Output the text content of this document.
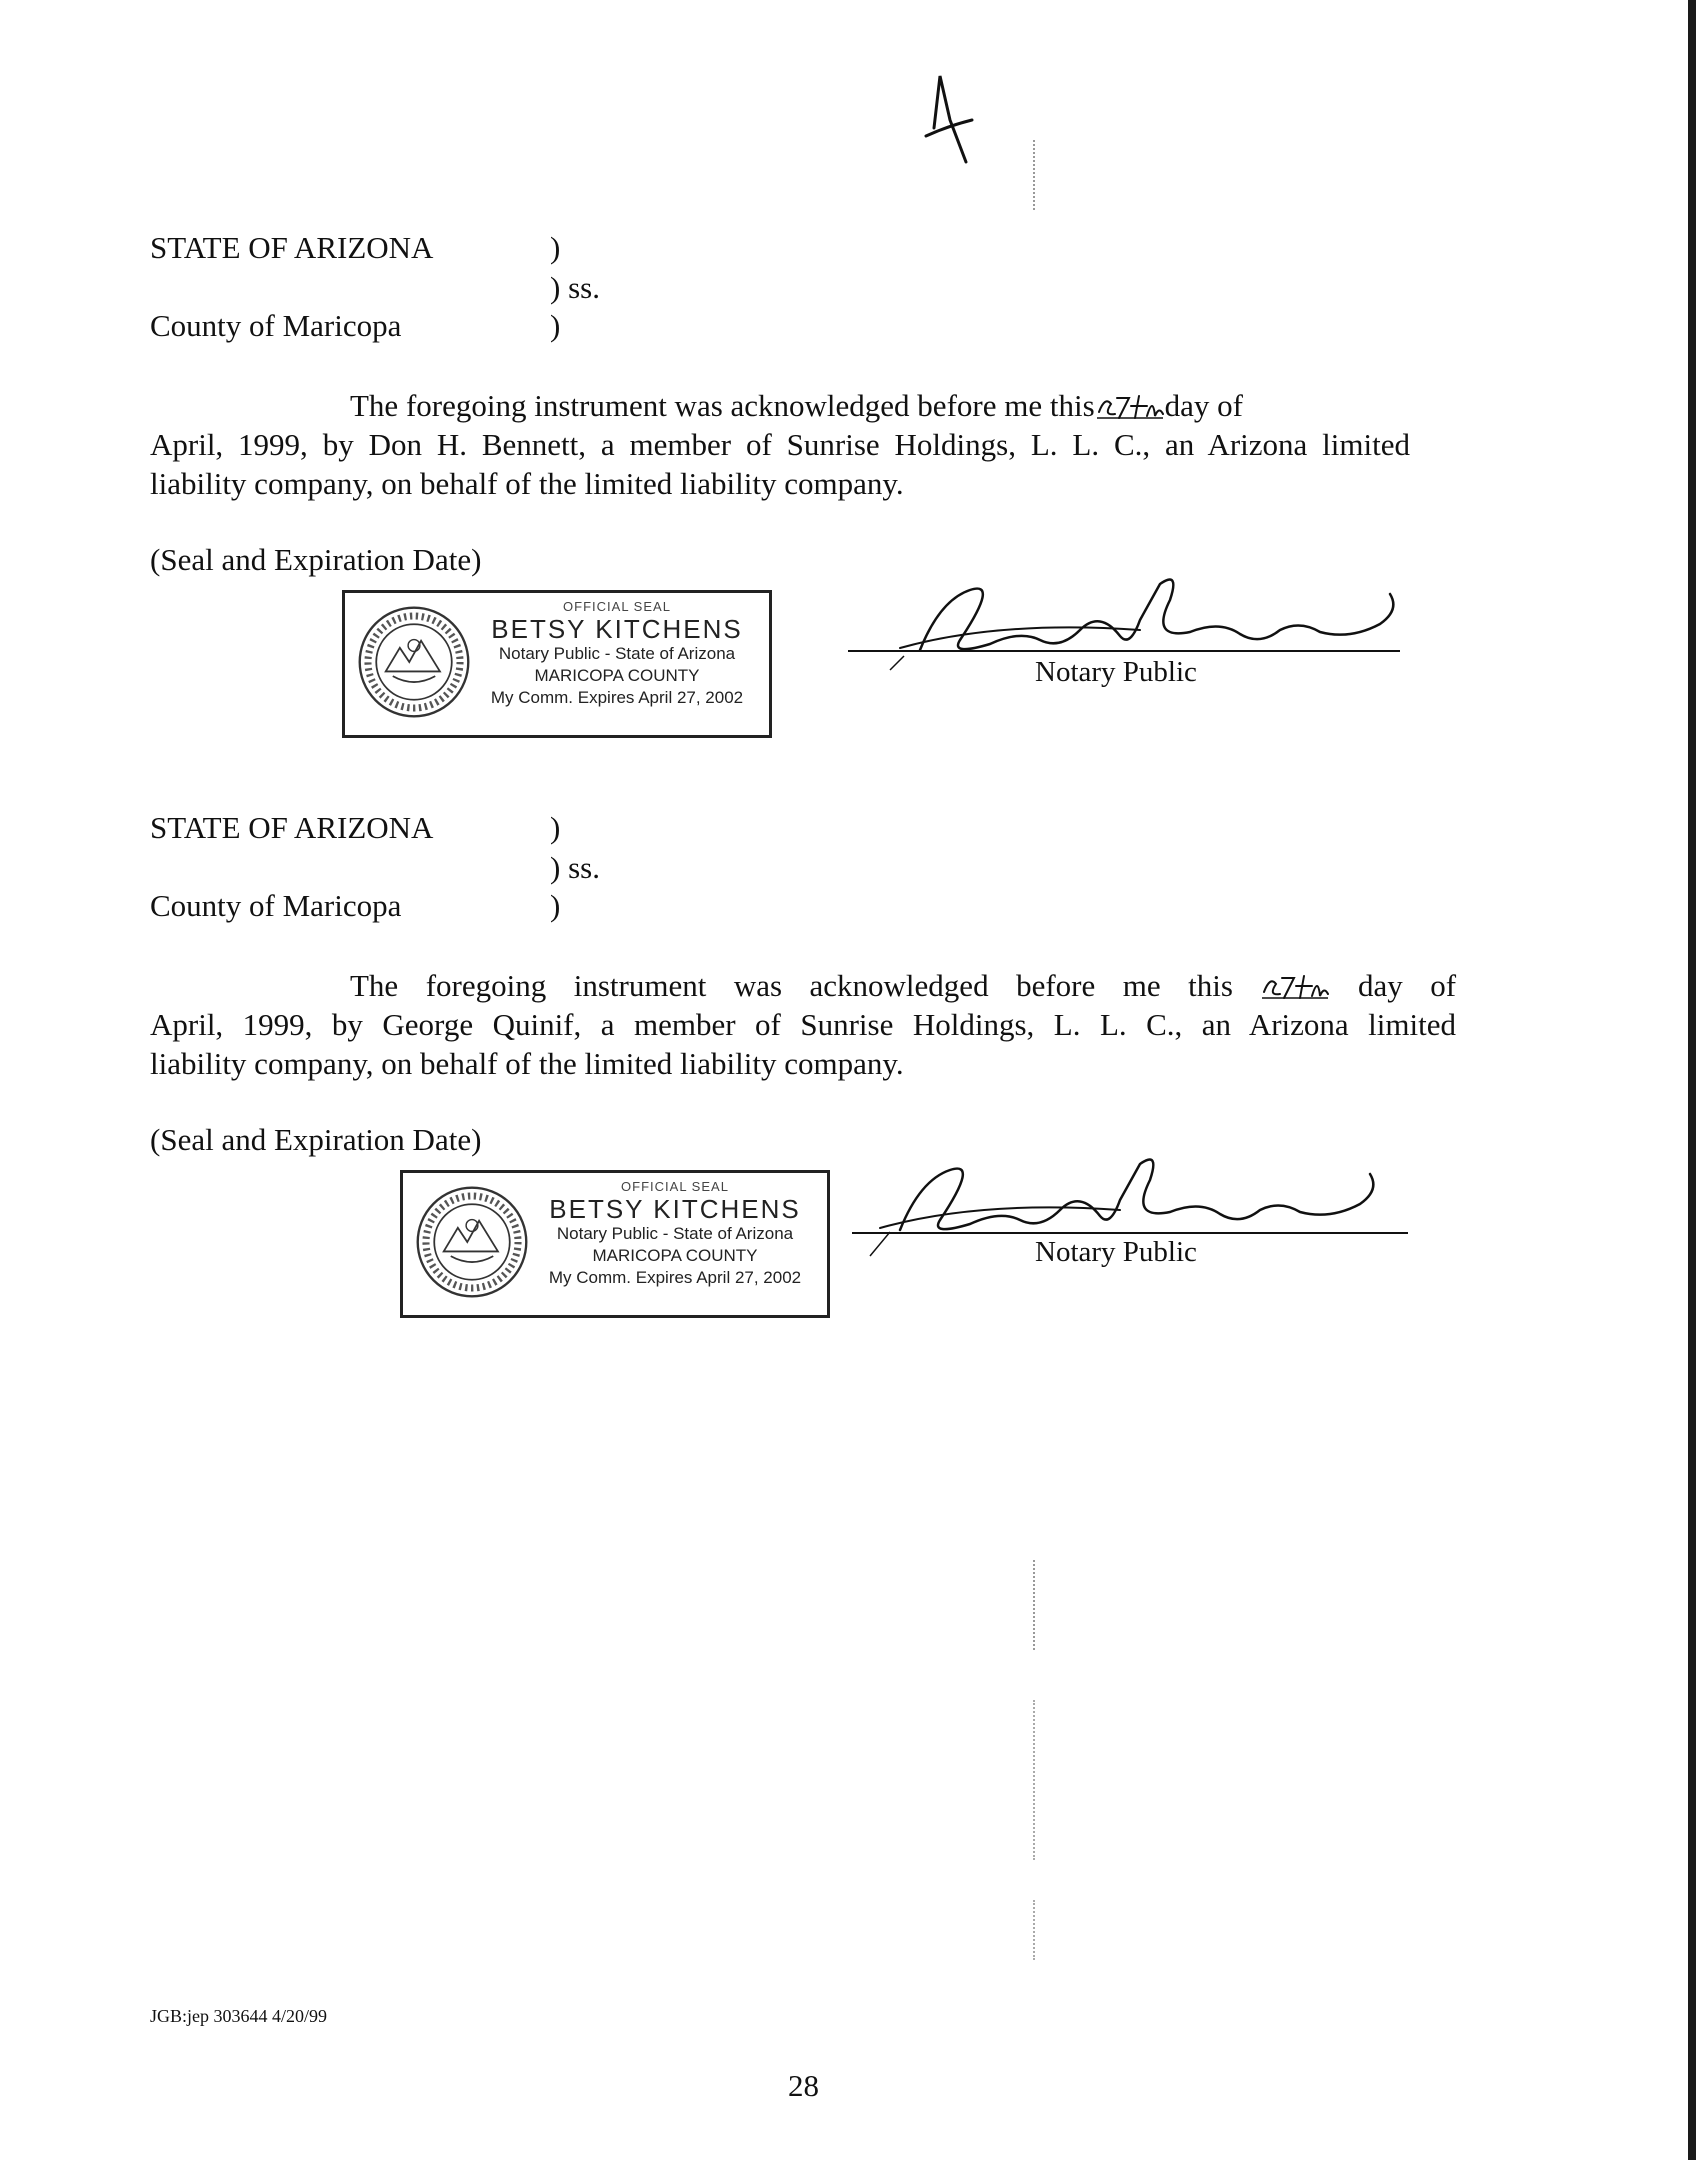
STATE OF ARIZONA	)
) ss.
County of Maricopa	)
The foregoing instrument was acknowledged before me this day of
April, 1999, by Don H. Bennett, a member of Sunrise Holdings, L. L. C., an Arizona limited
liability company, on behalf of the limited liability company.
(Seal and Expiration Date)
OFFICIAL SEAL
BETSY KITCHENS
Notary Public - State of Arizona
MARICOPA COUNTY
My Comm. Expires April 27, 2002
Notary Public
STATE OF ARIZONA	)
) ss.
County of Maricopa	)
The foregoing instrument was acknowledged before me this	day of
April, 1999, by George Quinif, a member of Sunrise Holdings, L. L. C., an Arizona limited
liability company, on behalf of the limited liability company.
(Seal and Expiration Date)
OFFICIAL SEAL
BETSY KITCHENS
Notary Public - State of Arizona
MARICOPA COUNTY
My Comm. Expires April 27, 2002
Notary Public
JGB:jep 303644 4/20/99
28
